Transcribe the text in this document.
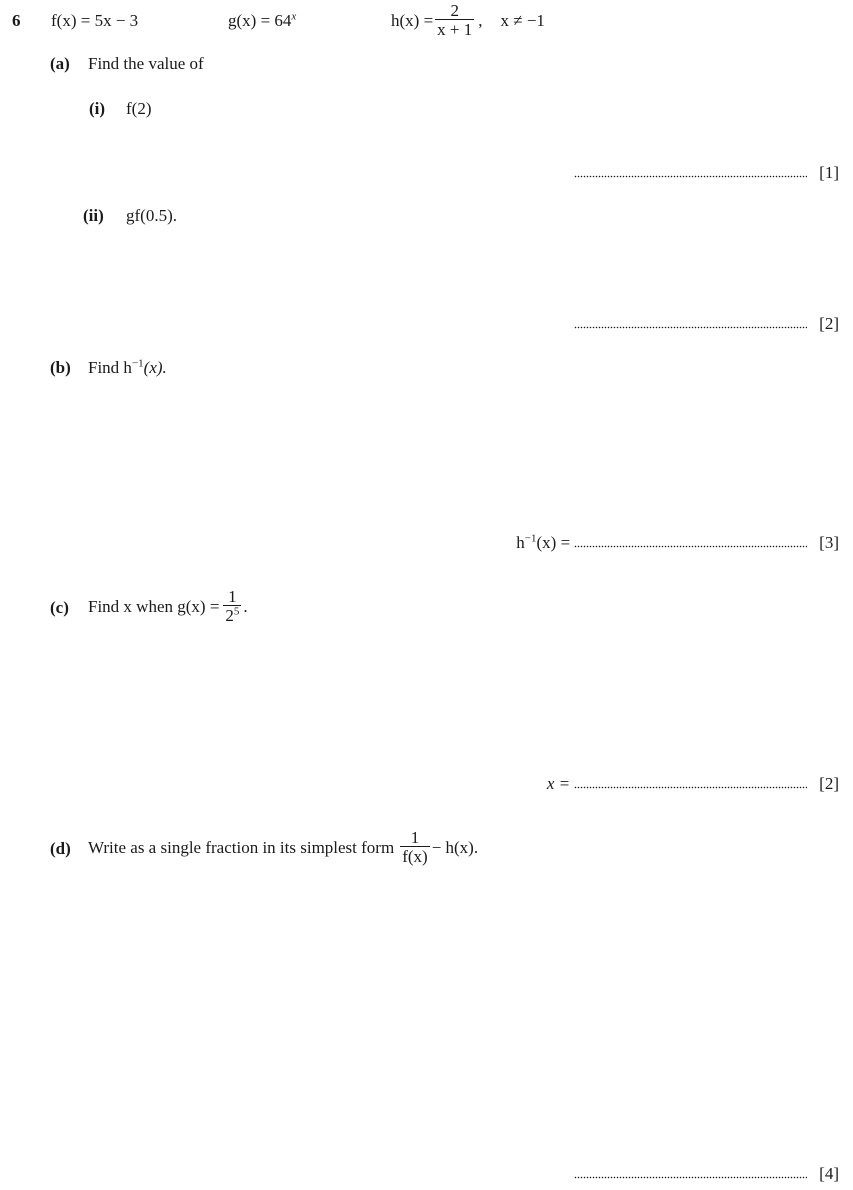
6 f(x) = 5x − 3	$g(x) = 64^x$	$h(x) = \frac{2}{x + 1}$ , x ≠ −1
(a) Find the value of
(i) f(2)
[1]
(ii) gf(0.5).
[2]
(b) Find $h^{-1}(x)$.
$h^{-1}(x)$ =	[3]
(c) Find x when $g(x) = \frac{1}{2^5}$ .
x =	[2]
(d) Write as a single fraction in its simplest form $\frac{1}{f(x)} - h(x)$.
[4]
